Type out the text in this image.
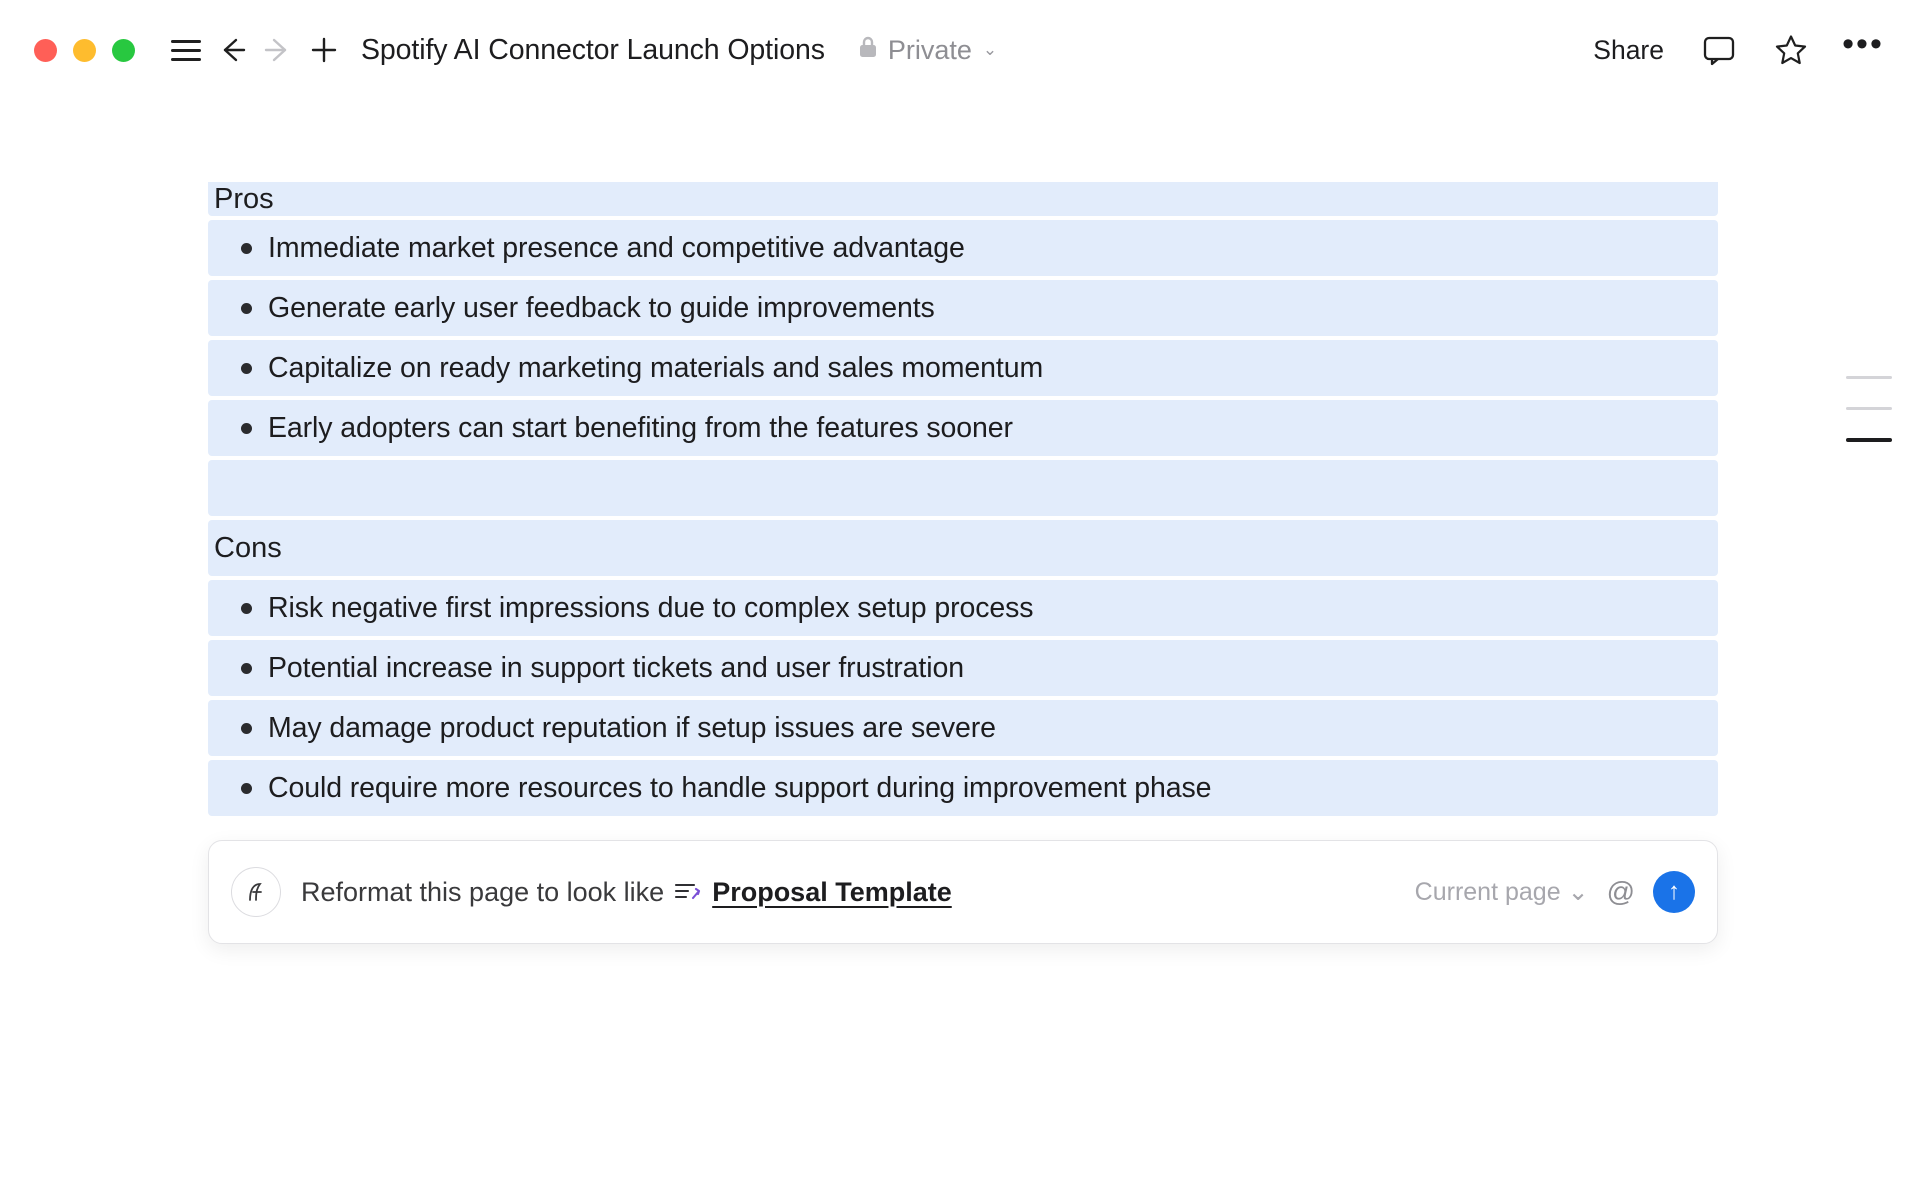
Spotify AI Connector Launch Options Private ⌄	Share	•••
Pros
Immediate market presence and competitive advantage
Generate early user feedback to guide improvements
Capitalize on ready marketing materials and sales momentum
Early adopters can start benefiting from the features sooner
Cons
Risk negative first impressions due to complex setup process
Potential increase in support tickets and user frustration
May damage product reputation if setup issues are severe
Could require more resources to handle support during improvement phase
Reformat this page to look like Proposal Template	Current page ⌄ @	↑
